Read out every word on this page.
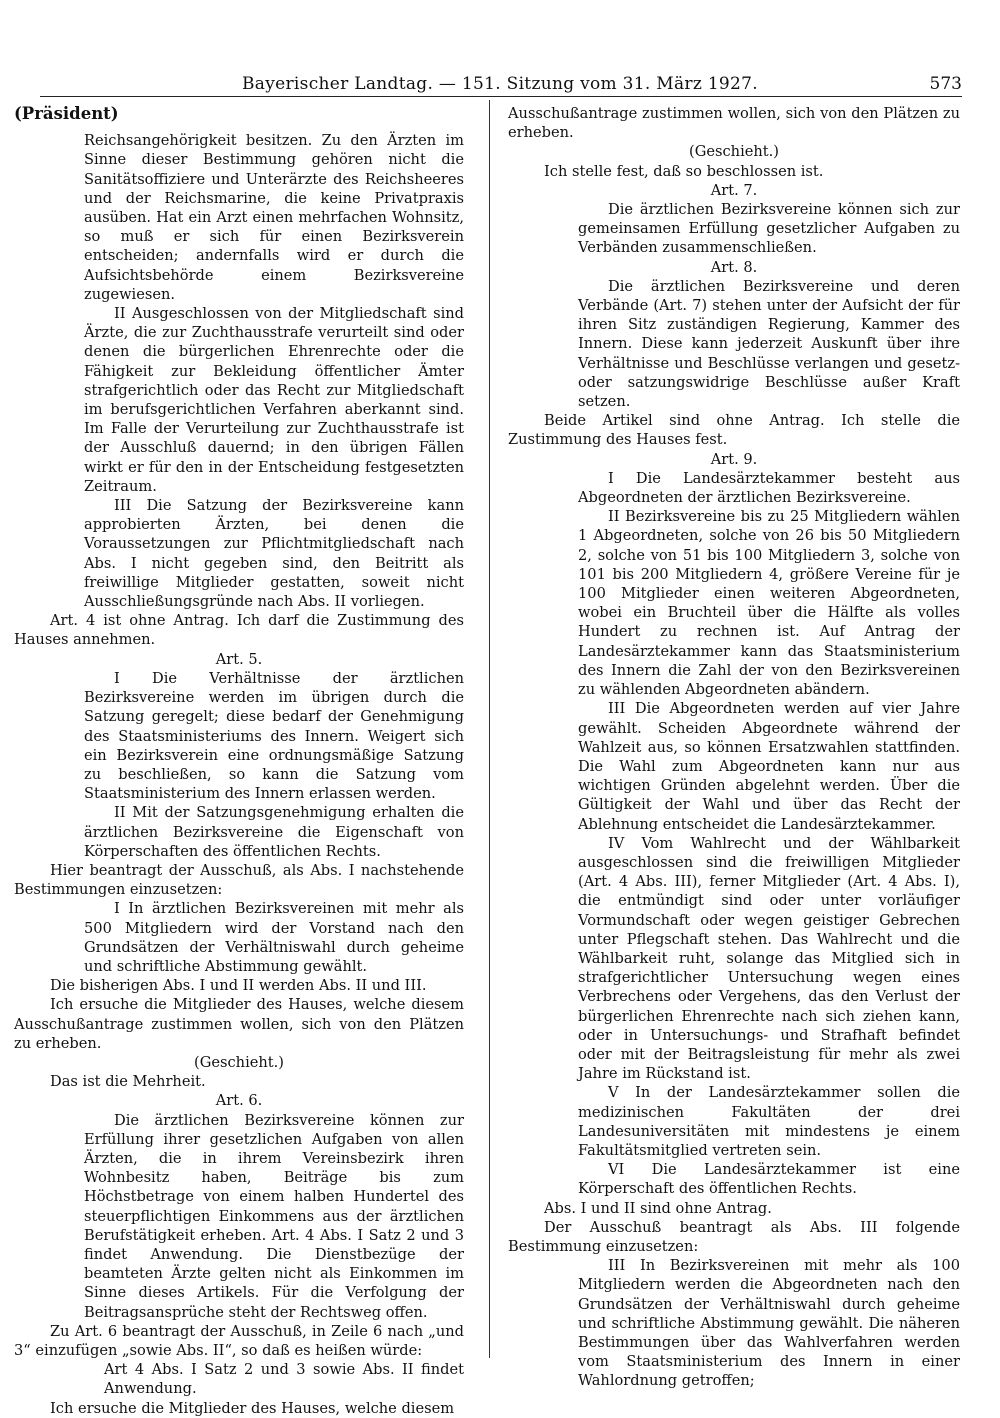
Bayerischer Landtag. — 151. Sitzung vom 31. März 1927.	573

(Präsident)

Reichsangehörigkeit besitzen. Zu den Ärzten im Sinne dieser Bestimmung gehören nicht die Sanitätsoffiziere und Unterärzte des Reichsheeres und der Reichsmarine, die keine Privatpraxis ausüben. Hat ein Arzt einen mehrfachen Wohnsitz, so muß er sich für einen Bezirksverein entscheiden; andernfalls wird er durch die Aufsichtsbehörde einem Bezirksvereine zugewiesen.

II Ausgeschlossen von der Mitgliedschaft sind Ärzte, die zur Zuchthausstrafe verurteilt sind oder denen die bürgerlichen Ehrenrechte oder die Fähigkeit zur Bekleidung öffentlicher Ämter strafgerichtlich oder das Recht zur Mitgliedschaft im berufsgerichtlichen Verfahren aberkannt sind. Im Falle der Verurteilung zur Zuchthausstrafe ist der Ausschluß dauernd; in den übrigen Fällen wirkt er für den in der Entscheidung festgesetzten Zeitraum.

III Die Satzung der Bezirksvereine kann approbierten Ärzten, bei denen die Voraussetzungen zur Pflichtmitgliedschaft nach Abs. I nicht gegeben sind, den Beitritt als freiwillige Mitglieder gestatten, soweit nicht Ausschließungsgründe nach Abs. II vorliegen.

Art. 4 ist ohne Antrag. Ich darf die Zustimmung des Hauses annehmen.

Art. 5.

I Die Verhältnisse der ärztlichen Bezirksvereine werden im übrigen durch die Satzung geregelt; diese bedarf der Genehmigung des Staatsministeriums des Innern. Weigert sich ein Bezirksverein eine ordnungsmäßige Satzung zu beschließen, so kann die Satzung vom Staatsministerium des Innern erlassen werden.

II Mit der Satzungsgenehmigung erhalten die ärztlichen Bezirksvereine die Eigenschaft von Körperschaften des öffentlichen Rechts.

Hier beantragt der Ausschuß, als Abs. I nachstehende Bestimmungen einzusetzen:

I In ärztlichen Bezirksvereinen mit mehr als 500 Mitgliedern wird der Vorstand nach den Grundsätzen der Verhältniswahl durch geheime und schriftliche Abstimmung gewählt.

Die bisherigen Abs. I und II werden Abs. II und III.

Ich ersuche die Mitglieder des Hauses, welche diesem Ausschußantrage zustimmen wollen, sich von den Plätzen zu erheben.

(Geschieht.)

Das ist die Mehrheit.

Art. 6.

Die ärztlichen Bezirksvereine können zur Erfüllung ihrer gesetzlichen Aufgaben von allen Ärzten, die in ihrem Vereinsbezirk ihren Wohnbesitz haben, Beiträge bis zum Höchstbetrage von einem halben Hundertel des steuerpflichtigen Einkommens aus der ärztlichen Berufstätigkeit erheben. Art. 4 Abs. I Satz 2 und 3 findet Anwendung. Die Dienstbezüge der beamteten Ärzte gelten nicht als Einkommen im Sinne dieses Artikels. Für die Verfolgung der Beitragsansprüche steht der Rechtsweg offen.

Zu Art. 6 beantragt der Ausschuß, in Zeile 6 nach „und 3“ einzufügen „sowie Abs. II“, so daß es heißen würde:

Art 4 Abs. I Satz 2 und 3 sowie Abs. II findet Anwendung.

Ich ersuche die Mitglieder des Hauses, welche diesem

Ausschußantrage zustimmen wollen, sich von den Plätzen zu erheben.

(Geschieht.)

Ich stelle fest, daß so beschlossen ist.

Art. 7.

Die ärztlichen Bezirksvereine können sich zur gemeinsamen Erfüllung gesetzlicher Aufgaben zu Verbänden zusammenschließen.

Art. 8.

Die ärztlichen Bezirksvereine und deren Verbände (Art. 7) stehen unter der Aufsicht der für ihren Sitz zuständigen Regierung, Kammer des Innern. Diese kann jederzeit Auskunft über ihre Verhältnisse und Beschlüsse verlangen und gesetz- oder satzungswidrige Beschlüsse außer Kraft setzen.

Beide Artikel sind ohne Antrag. Ich stelle die Zustimmung des Hauses fest.

Art. 9.

I Die Landesärztekammer besteht aus Abgeordneten der ärztlichen Bezirksvereine.

II Bezirksvereine bis zu 25 Mitgliedern wählen 1 Abgeordneten, solche von 26 bis 50 Mitgliedern 2, solche von 51 bis 100 Mitgliedern 3, solche von 101 bis 200 Mitgliedern 4, größere Vereine für je 100 Mitglieder einen weiteren Abgeordneten, wobei ein Bruchteil über die Hälfte als volles Hundert zu rechnen ist. Auf Antrag der Landesärztekammer kann das Staatsministerium des Innern die Zahl der von den Bezirksvereinen zu wählenden Abgeordneten abändern.

III Die Abgeordneten werden auf vier Jahre gewählt. Scheiden Abgeordnete während der Wahlzeit aus, so können Ersatzwahlen stattfinden. Die Wahl zum Abgeordneten kann nur aus wichtigen Gründen abgelehnt werden. Über die Gültigkeit der Wahl und über das Recht der Ablehnung entscheidet die Landesärztekammer.

IV Vom Wahlrecht und der Wählbarkeit ausgeschlossen sind die freiwilligen Mitglieder (Art. 4 Abs. III), ferner Mitglieder (Art. 4 Abs. I), die entmündigt sind oder unter vorläufiger Vormundschaft oder wegen geistiger Gebrechen unter Pflegschaft stehen. Das Wahlrecht und die Wählbarkeit ruht, solange das Mitglied sich in strafgerichtlicher Untersuchung wegen eines Verbrechens oder Vergehens, das den Verlust der bürgerlichen Ehrenrechte nach sich ziehen kann, oder in Untersuchungs- und Strafhaft befindet oder mit der Beitragsleistung für mehr als zwei Jahre im Rückstand ist.

V In der Landesärztekammer sollen die medizinischen Fakultäten der drei Landesuniversitäten mit mindestens je einem Fakultätsmitglied vertreten sein.

VI Die Landesärztekammer ist eine Körperschaft des öffentlichen Rechts.

Abs. I und II sind ohne Antrag.

Der Ausschuß beantragt als Abs. III folgende Bestimmung einzusetzen:

III In Bezirksvereinen mit mehr als 100 Mitgliedern werden die Abgeordneten nach den Grundsätzen der Verhältniswahl durch geheime und schriftliche Abstimmung gewählt. Die näheren Bestimmungen über das Wahlverfahren werden vom Staatsministerium des Innern in einer Wahlordnung getroffen;
